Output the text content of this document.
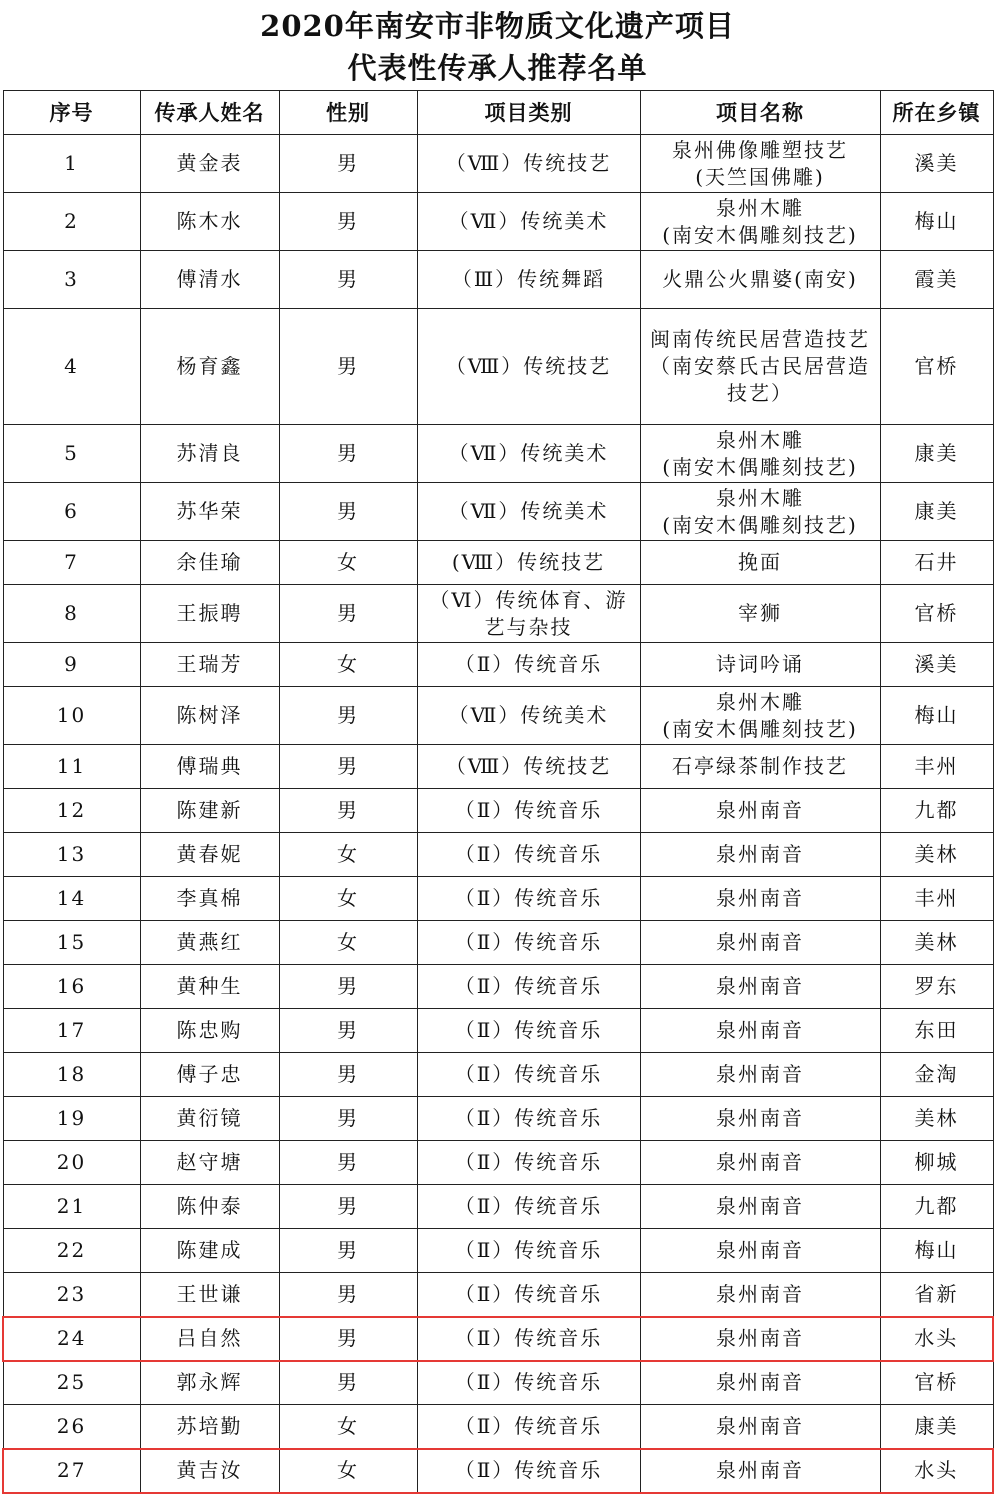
2020年南安市非物质文化遗产项目
代表性传承人推荐名单
序号	传承人姓名	性别	项目类别	项目名称	所在乡镇
1	黄金表	男	（Ⅷ）传统技艺	泉州佛像雕塑技艺
(天竺国佛雕)	溪美
2	陈木水	男	（Ⅶ）传统美术	泉州木雕
(南安木偶雕刻技艺)	梅山
3	傅清水	男	（Ⅲ）传统舞蹈	火鼎公火鼎婆(南安)	霞美
4	杨育鑫	男	（Ⅷ）传统技艺	闽南传统民居营造技艺
（南安蔡氏古民居营造
技艺）	官桥
5	苏清良	男	（Ⅶ）传统美术	泉州木雕
(南安木偶雕刻技艺)	康美
6	苏华荣	男	（Ⅶ）传统美术	泉州木雕
(南安木偶雕刻技艺)	康美
7	余佳瑜	女	(Ⅷ）传统技艺	挽面	石井
8	王振聘	男	（Ⅵ）传统体育、游
艺与杂技	宰狮	官桥
9	王瑞芳	女	（Ⅱ）传统音乐	诗词吟诵	溪美
10	陈树泽	男	（Ⅶ）传统美术	泉州木雕
(南安木偶雕刻技艺)	梅山
11	傅瑞典	男	（Ⅷ）传统技艺	石亭绿茶制作技艺	丰州
12	陈建新	男	（Ⅱ）传统音乐	泉州南音	九都
13	黄春妮	女	（Ⅱ）传统音乐	泉州南音	美林
14	李真棉	女	（Ⅱ）传统音乐	泉州南音	丰州
15	黄燕红	女	（Ⅱ）传统音乐	泉州南音	美林
16	黄种生	男	（Ⅱ）传统音乐	泉州南音	罗东
17	陈忠购	男	（Ⅱ）传统音乐	泉州南音	东田
18	傅子忠	男	（Ⅱ）传统音乐	泉州南音	金淘
19	黄衍镜	男	（Ⅱ）传统音乐	泉州南音	美林
20	赵守塘	男	（Ⅱ）传统音乐	泉州南音	柳城
21	陈仲泰	男	（Ⅱ）传统音乐	泉州南音	九都
22	陈建成	男	（Ⅱ）传统音乐	泉州南音	梅山
23	王世谦	男	（Ⅱ）传统音乐	泉州南音	省新
24	吕自然	男	（Ⅱ）传统音乐	泉州南音	水头
25	郭永辉	男	（Ⅱ）传统音乐	泉州南音	官桥
26	苏培勤	女	（Ⅱ）传统音乐	泉州南音	康美
27	黄吉汝	女	（Ⅱ）传统音乐	泉州南音	水头
